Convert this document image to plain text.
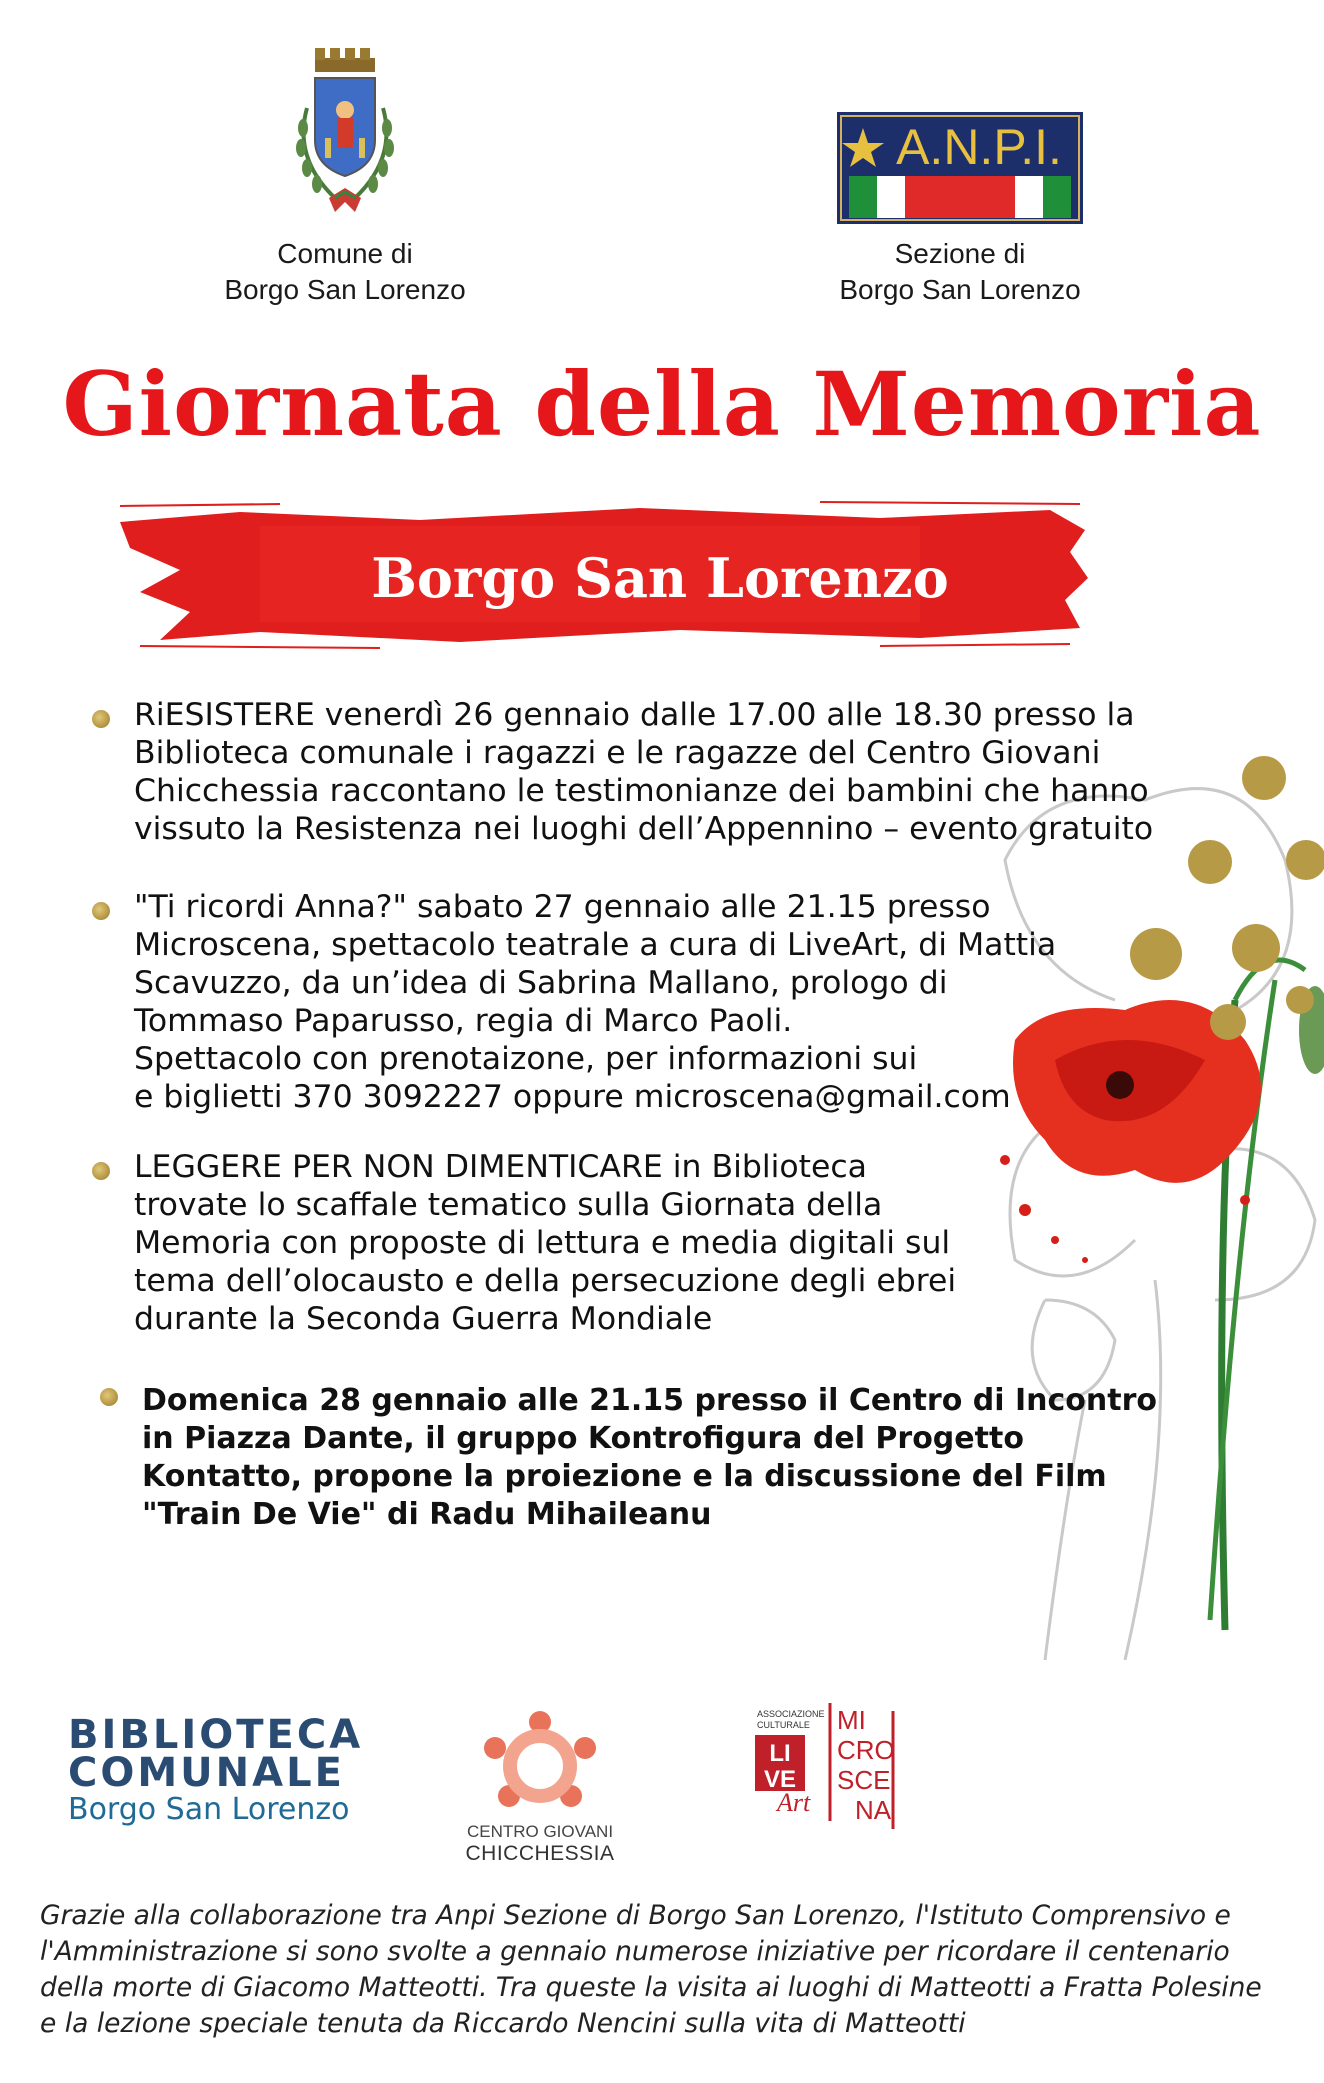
Comune di
Borgo San Lorenzo
A.N.P.I.
Sezione di
Borgo San Lorenzo
Giornata della Memoria
Borgo San Lorenzo

RiESISTERE venerdì 26 gennaio dalle 17.00 alle 18.30 presso la
Biblioteca comunale i ragazzi e le ragazze del Centro Giovani
Chicchessia raccontano le testimonianze dei bambini che hanno
vissuto la Resistenza nei luoghi dell’Appennino – evento gratuito

"Ti ricordi Anna?" sabato 27 gennaio alle 21.15 presso
Microscena, spettacolo teatrale a cura di LiveArt, di Mattia
Scavuzzo, da un’idea di Sabrina Mallano, prologo di
Tommaso Paparusso, regia di Marco Paoli.
Spettacolo con prenotaizone, per informazioni sui
e biglietti 370 3092227 oppure microscena@gmail.com

LEGGERE PER NON DIMENTICARE in Biblioteca
trovate lo scaffale tematico sulla Giornata della
Memoria con proposte di lettura e media digitali sul
tema dell’olocausto e della persecuzione degli ebrei
durante la Seconda Guerra Mondiale

Domenica 28 gennaio alle 21.15 presso il Centro di Incontro
in Piazza Dante, il gruppo Kontrofigura del Progetto
Kontatto, propone la proiezione e la discussione del Film
"Train De Vie" di Radu Mihaileanu

BIBLIOTECA
COMUNALE
Borgo San Lorenzo
CENTRO GIOVANI
CHICCHESSIA
ASSOCIAZIONE
CULTURALE
LI
VE
Art
MI
CRO
SCE
NA
Grazie alla collaborazione tra Anpi Sezione di Borgo San Lorenzo, l'Istituto Comprensivo e
l'Amministrazione si sono svolte a gennaio numerose iniziative per ricordare il centenario
della morte di Giacomo Matteotti. Tra queste la visita ai luoghi di Matteotti a Fratta Polesine
e la lezione speciale tenuta da Riccardo Nencini sulla vita di Matteotti
